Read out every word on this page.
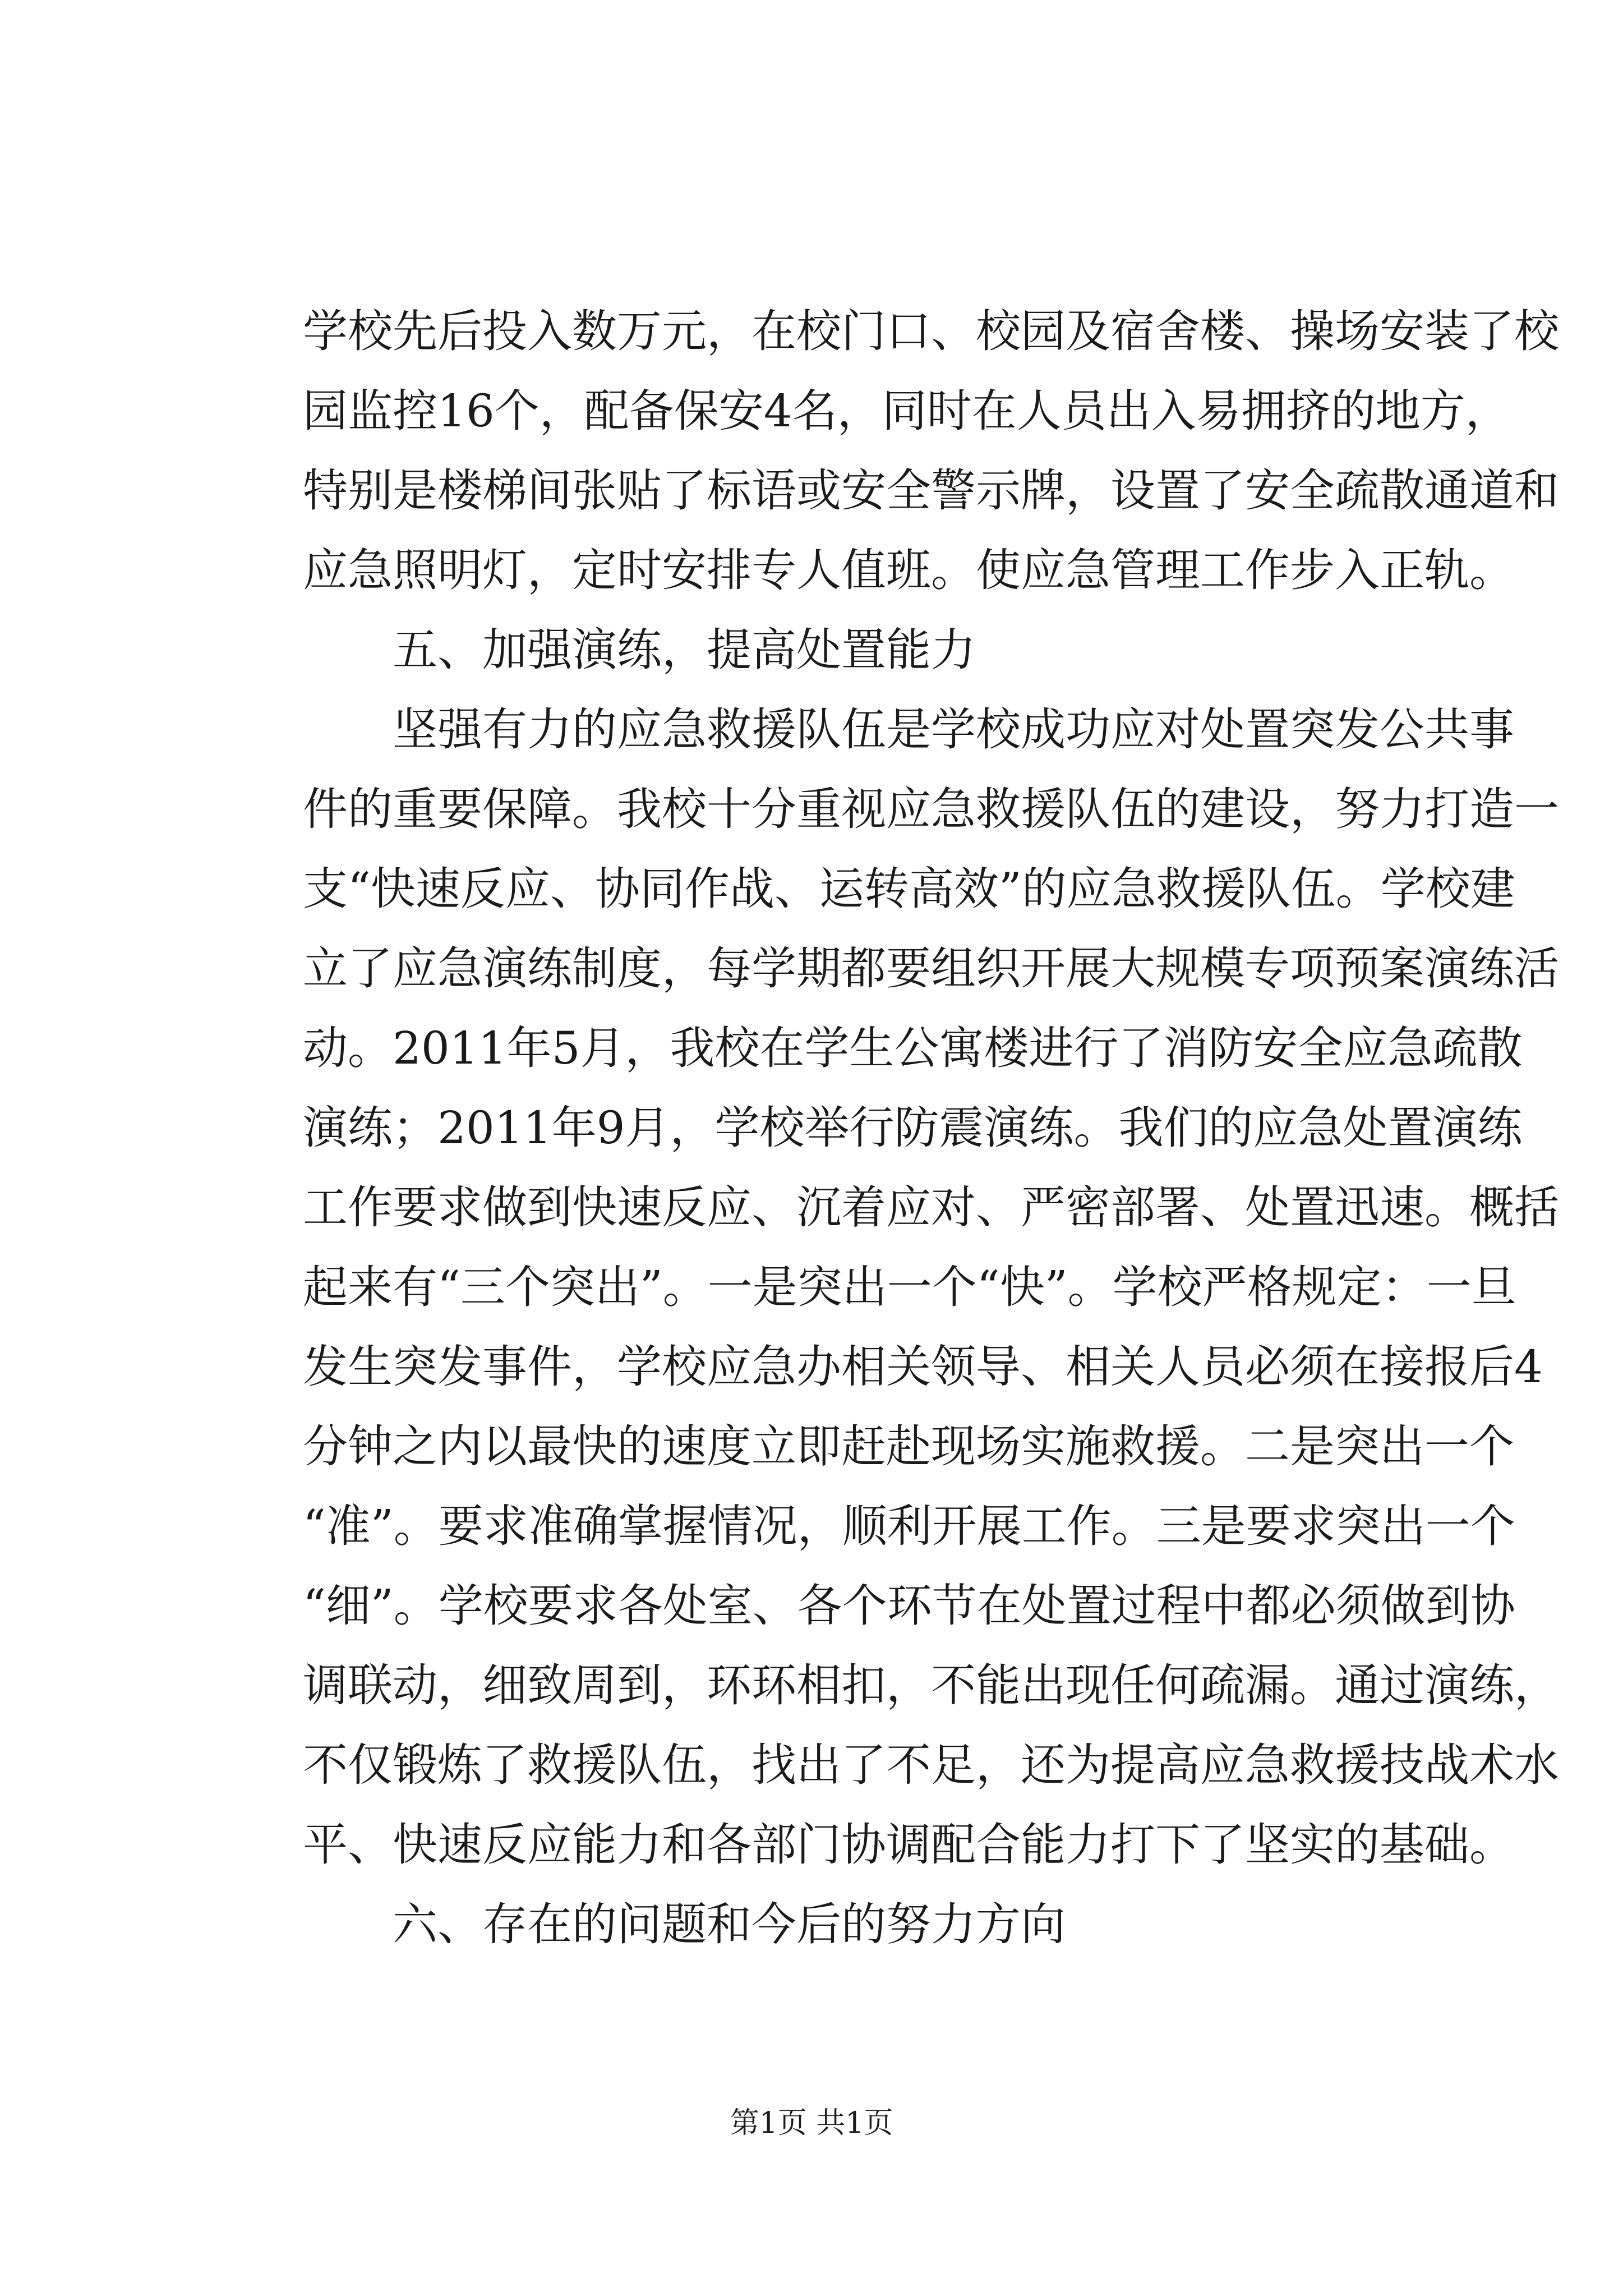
学校先后投入数万元，在校门口、校园及宿舍楼、操场安装了校
园监控16个，配备保安4名，同时在人员出入易拥挤的地方，
特别是楼梯间张贴了标语或安全警示牌，设置了安全疏散通道和
应急照明灯，定时安排专人值班。使应急管理工作步入正轨。
五、加强演练，提高处置能力
坚强有力的应急救援队伍是学校成功应对处置突发公共事
件的重要保障。我校十分重视应急救援队伍的建设，努力打造一
支“快速反应、协同作战、运转高效”的应急救援队伍。学校建
立了应急演练制度，每学期都要组织开展大规模专项预案演练活
动。2011年5月，我校在学生公寓楼进行了消防安全应急疏散
演练；2011年9月，学校举行防震演练。我们的应急处置演练
工作要求做到快速反应、沉着应对、严密部署、处置迅速。概括
起来有“三个突出”。一是突出一个“快”。学校严格规定：一旦
发生突发事件，学校应急办相关领导、相关人员必须在接报后4
分钟之内以最快的速度立即赶赴现场实施救援。二是突出一个
“准”。要求准确掌握情况，顺利开展工作。三是要求突出一个
“细”。学校要求各处室、各个环节在处置过程中都必须做到协
调联动，细致周到，环环相扣，不能出现任何疏漏。通过演练，
不仅锻炼了救援队伍，找出了不足，还为提高应急救援技战术水
平、快速反应能力和各部门协调配合能力打下了坚实的基础。
六、存在的问题和今后的努力方向
第1页 共1页
